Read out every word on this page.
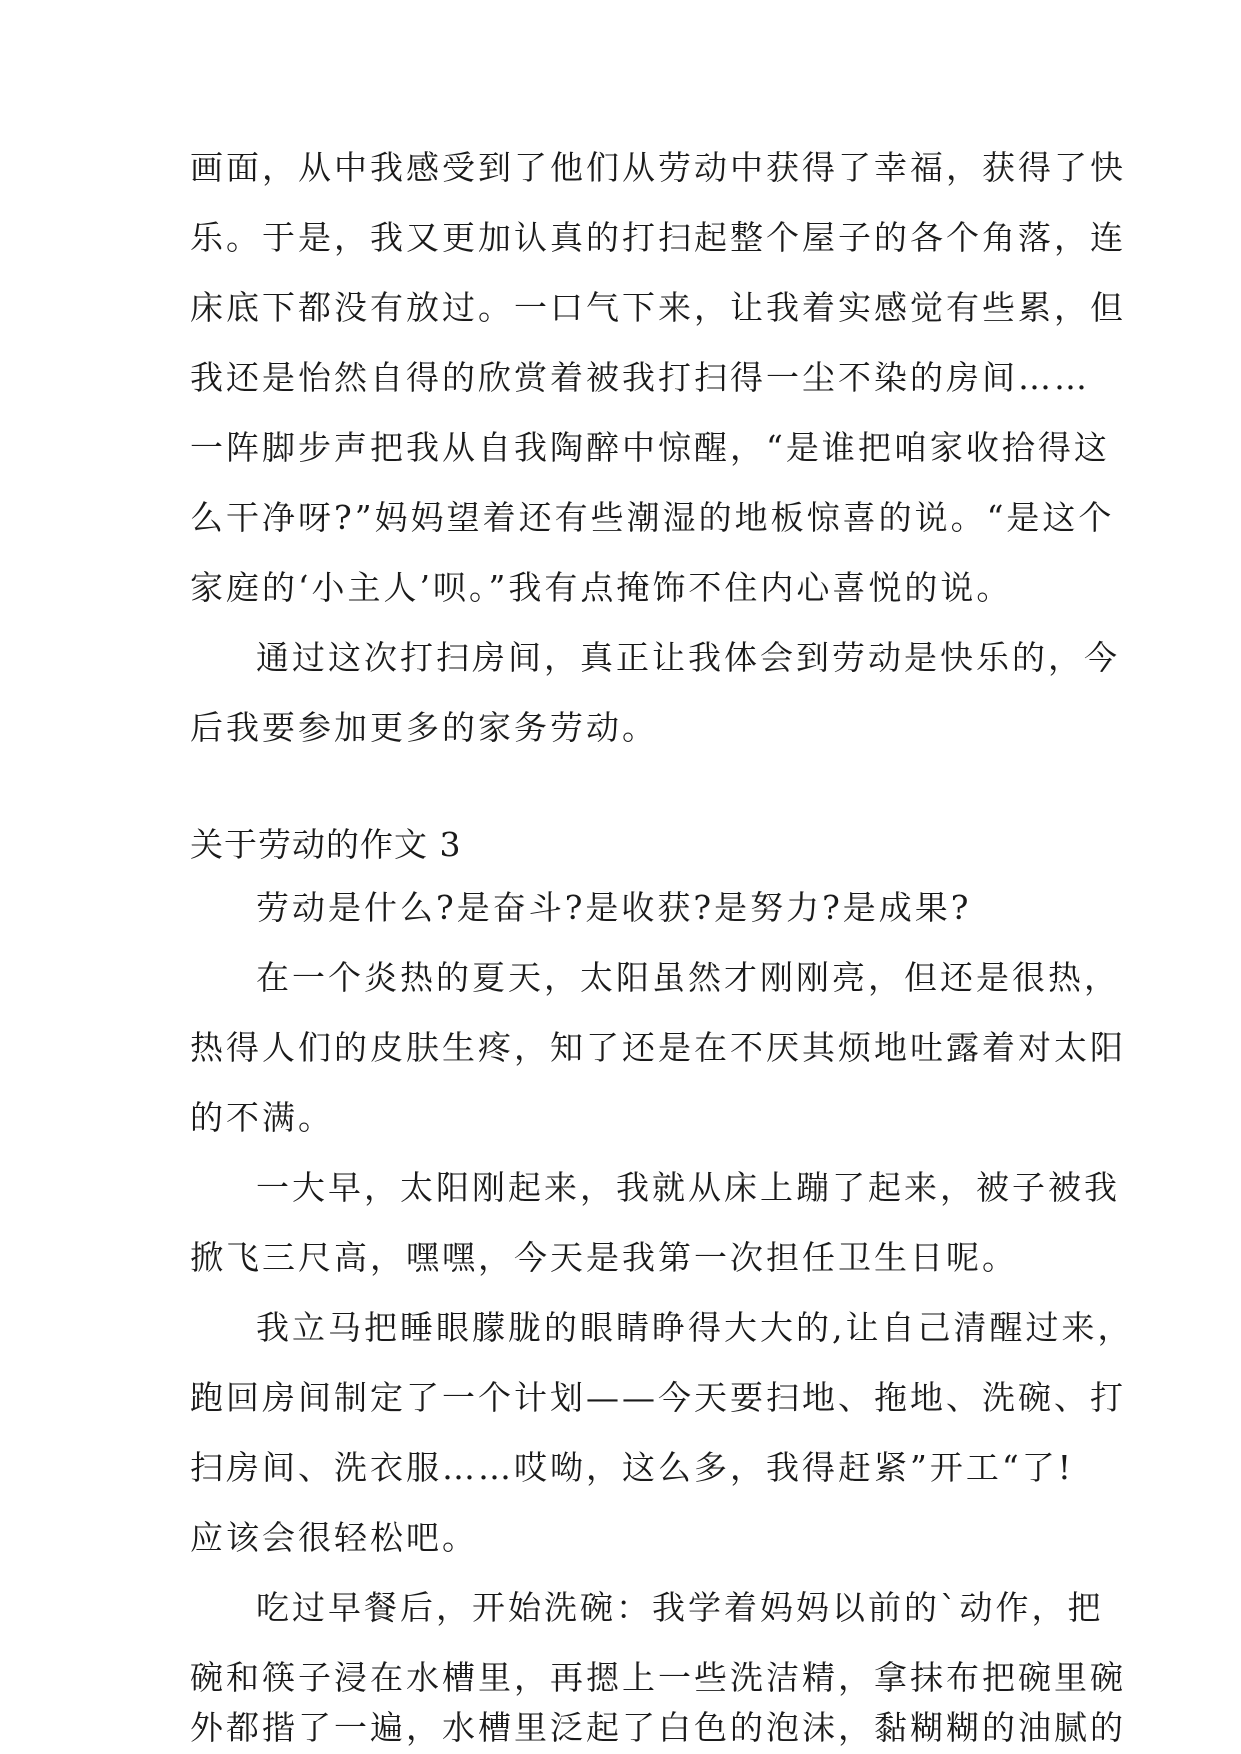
画面，从中我感受到了他们从劳动中获得了幸福，获得了快
乐。于是，我又更加认真的打扫起整个屋子的各个角落，连
床底下都没有放过。一口气下来，让我着实感觉有些累，但
我还是怡然自得的欣赏着被我打扫得一尘不染的房间……
一阵脚步声把我从自我陶醉中惊醒，“是谁把咱家收拾得这
么干净呀?”妈妈望着还有些潮湿的地板惊喜的说。“是这个
家庭的‘小主人’呗。”我有点掩饰不住内心喜悦的说。
通过这次打扫房间，真正让我体会到劳动是快乐的，今
后我要参加更多的家务劳动。
关于劳动的作文 3
劳动是什么?是奋斗?是收获?是努力?是成果?
在一个炎热的夏天，太阳虽然才刚刚亮，但还是很热，
热得人们的皮肤生疼，知了还是在不厌其烦地吐露着对太阳
的不满。
一大早，太阳刚起来，我就从床上蹦了起来，被子被我
掀飞三尺高，嘿嘿，今天是我第一次担任卫生日呢。
我立马把睡眼朦胧的眼睛睁得大大的,让自己清醒过来，
跑回房间制定了一个计划——今天要扫地、拖地、洗碗、打
扫房间、洗衣服……哎呦，这么多，我得赶紧”开工“了!
应该会很轻松吧。
吃过早餐后，开始洗碗：我学着妈妈以前的`动作，把
碗和筷子浸在水槽里，再摁上一些洗洁精，拿抹布把碗里碗
外都揩了一遍，水槽里泛起了白色的泡沫，黏糊糊的油腻的
